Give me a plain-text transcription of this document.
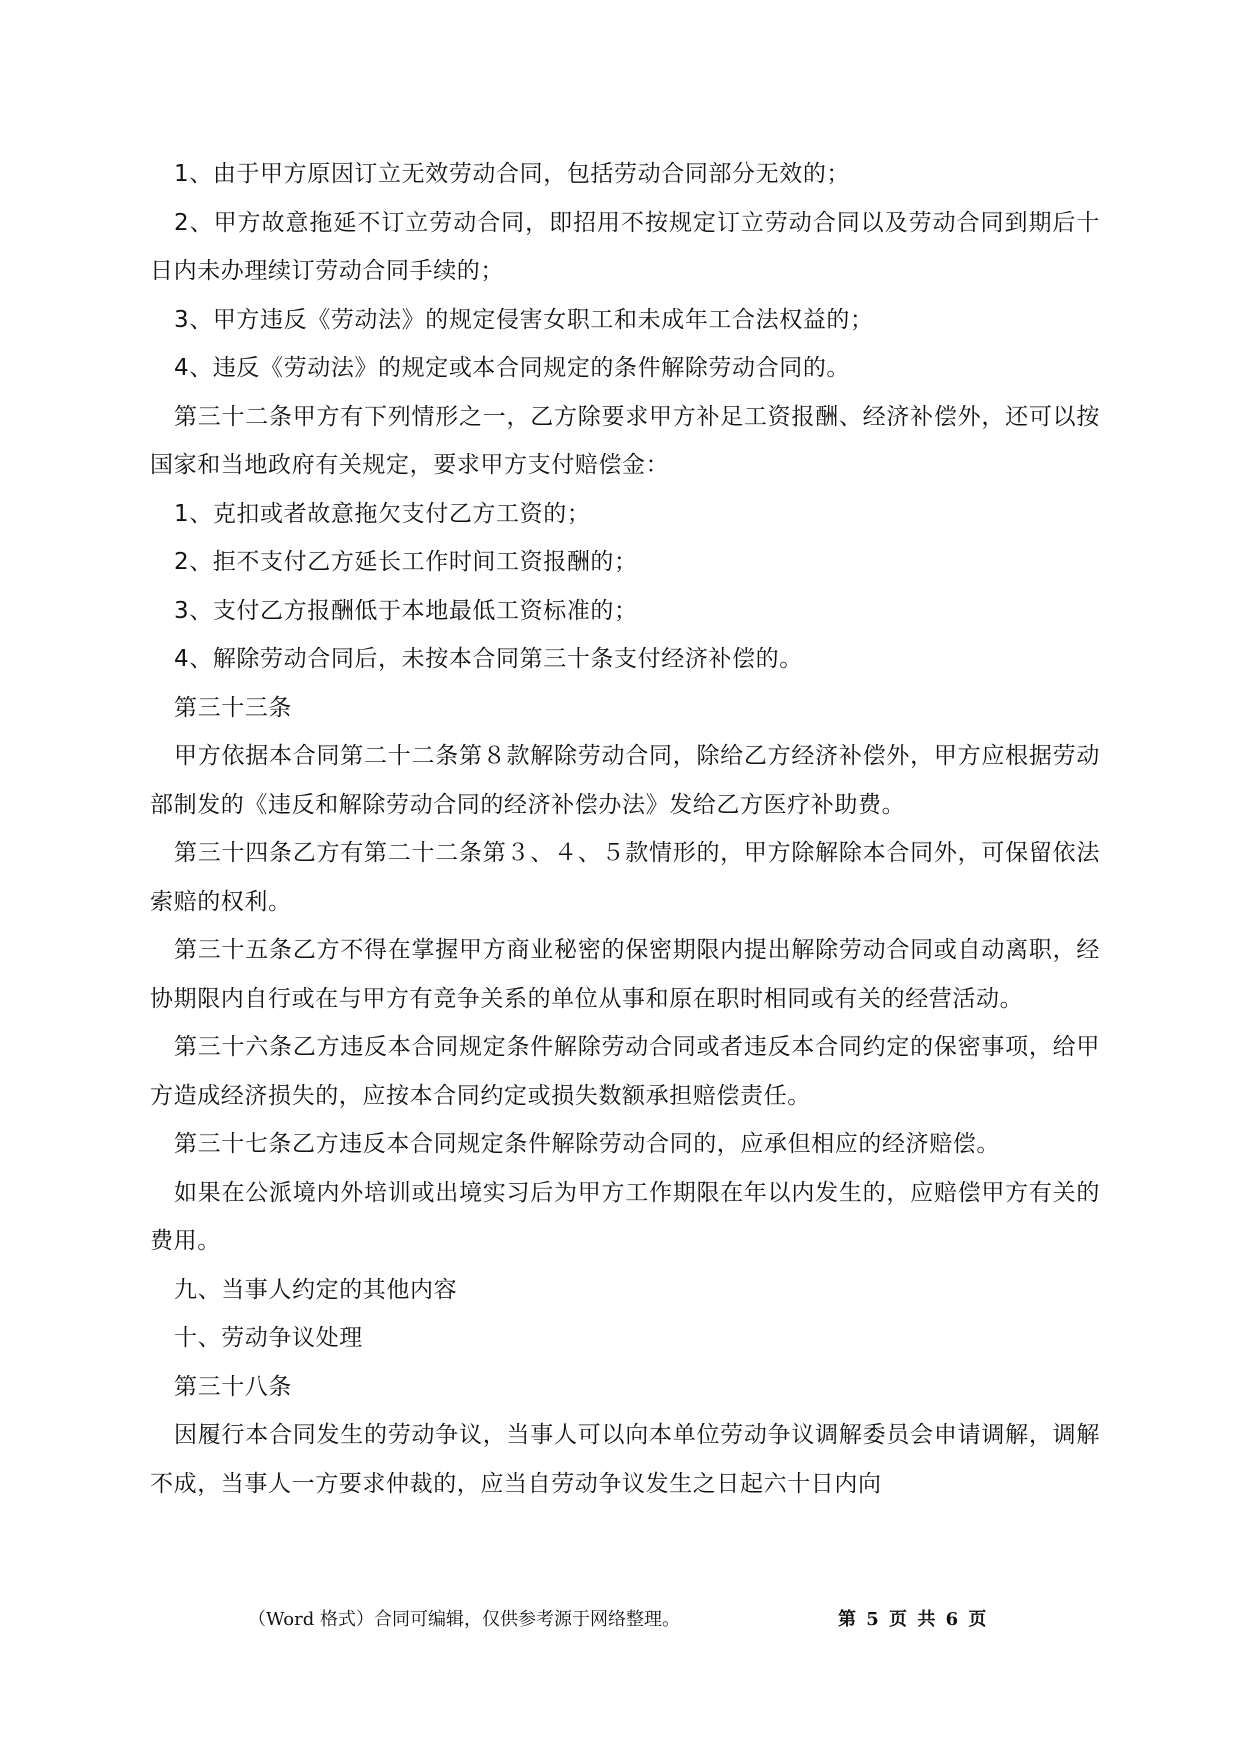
1、由于甲方原因订立无效劳动合同，包括劳动合同部分无效的；

2、甲方故意拖延不订立劳动合同，即招用不按规定订立劳动合同以及劳动合同到期后十日内未办理续订劳动合同手续的；

3、甲方违反《劳动法》的规定侵害女职工和未成年工合法权益的；

4、违反《劳动法》的规定或本合同规定的条件解除劳动合同的。

第三十二条甲方有下列情形之一，乙方除要求甲方补足工资报酬、经济补偿外，还可以按国家和当地政府有关规定，要求甲方支付赔偿金：

1、克扣或者故意拖欠支付乙方工资的；

2、拒不支付乙方延长工作时间工资报酬的；

3、支付乙方报酬低于本地最低工资标准的；

4、解除劳动合同后，未按本合同第三十条支付经济补偿的。

第三十三条

甲方依据本合同第二十二条第８款解除劳动合同，除给乙方经济补偿外，甲方应根据劳动部制发的《违反和解除劳动合同的经济补偿办法》发给乙方医疗补助费。

第三十四条乙方有第二十二条第３、４、５款情形的，甲方除解除本合同外，可保留依法索赔的权利。

第三十五条乙方不得在掌握甲方商业秘密的保密期限内提出解除劳动合同或自动离职，经协期限内自行或在与甲方有竞争关系的单位从事和原在职时相同或有关的经营活动。

第三十六条乙方违反本合同规定条件解除劳动合同或者违反本合同约定的保密事项，给甲方造成经济损失的，应按本合同约定或损失数额承担赔偿责任。

第三十七条乙方违反本合同规定条件解除劳动合同的，应承但相应的经济赔偿。

如果在公派境内外培训或出境实习后为甲方工作期限在年以内发生的，应赔偿甲方有关的费用。

九、当事人约定的其他内容

十、劳动争议处理

第三十八条

因履行本合同发生的劳动争议，当事人可以向本单位劳动争议调解委员会申请调解，调解不成，当事人一方要求仲裁的，应当自劳动争议发生之日起六十日内向

（Word 格式）合同可编辑，仅供参考源于网络整理。	第 5 页 共 6 页
